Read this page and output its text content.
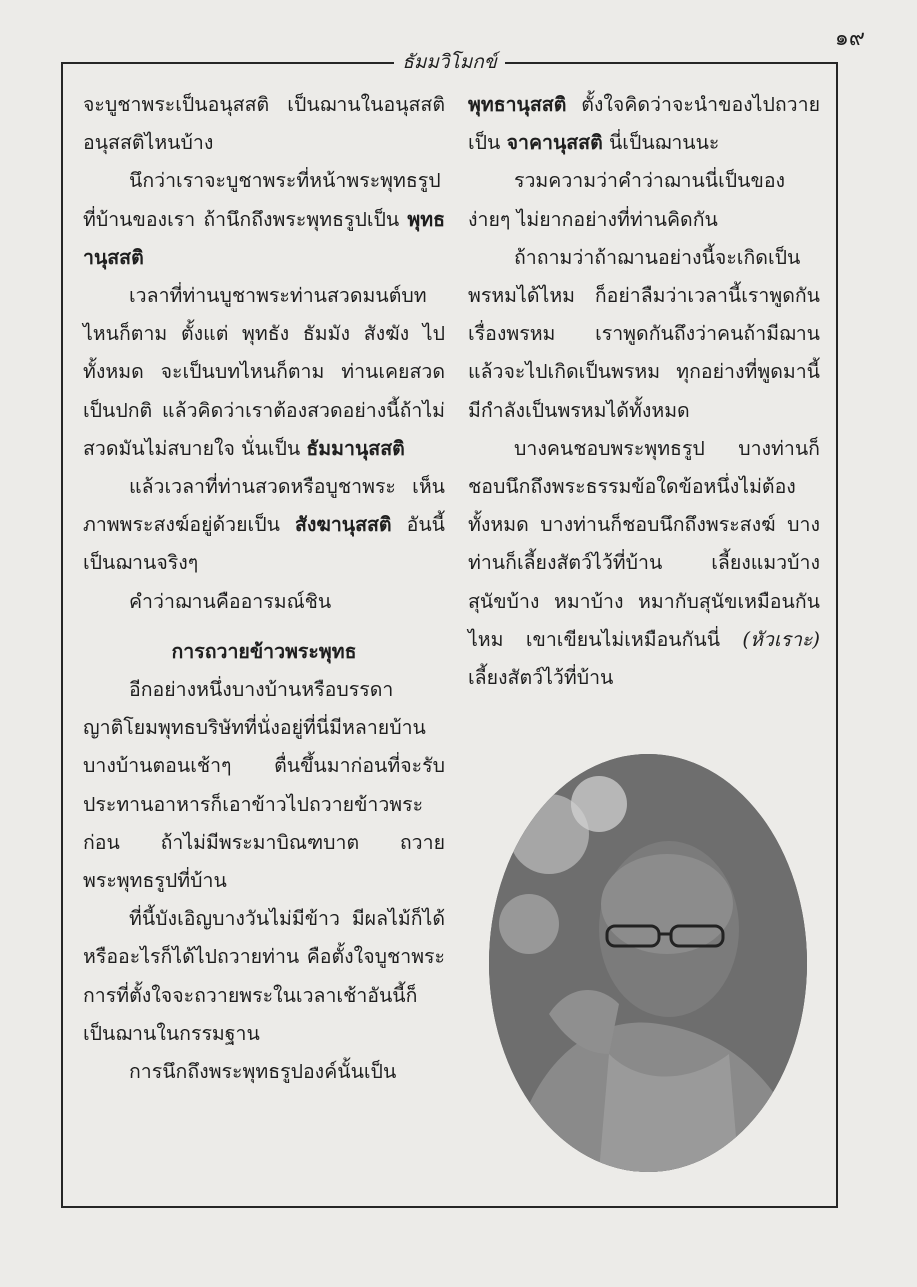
๑๙
ธัมมวิโมกข์

จะบูชาพระเป็นอนุสสติ เป็นฌานในอนุสสติ อนุสสติไหนบ้าง

นึกว่าเราจะบูชาพระที่หน้าพระพุทธรูปที่บ้านของเรา ถ้านึกถึงพระพุทธรูปเป็น พุทธานุสสติ

เวลาที่ท่านบูชาพระท่านสวดมนต์บทไหนก็ตาม ตั้งแต่ พุทธัง ธัมมัง สังฆัง ไปทั้งหมด จะเป็นบทไหนก็ตาม ท่านเคยสวดเป็นปกติ แล้วคิดว่าเราต้องสวดอย่างนี้ถ้าไม่สวดมันไม่สบายใจ นั่นเป็น ธัมมานุสสติ

แล้วเวลาที่ท่านสวดหรือบูชาพระ เห็นภาพพระสงฆ์อยู่ด้วยเป็น สังฆานุสสติ อันนี้เป็นฌานจริงๆ

คำว่าฌานคืออารมณ์ชิน

การถวายข้าวพระพุทธ

อีกอย่างหนึ่งบางบ้านหรือบรรดาญาติโยมพุทธบริษัทที่นั่งอยู่ที่นี่มีหลายบ้าน บางบ้านตอนเช้าๆ ตื่นขึ้นมาก่อนที่จะรับประทานอาหารก็เอาข้าวไปถวายข้าวพระก่อน ถ้าไม่มีพระมาบิณฑบาต ถวายพระพุทธรูปที่บ้าน

ที่นี้บังเอิญบางวันไม่มีข้าว มีผลไม้ก็ได้ หรืออะไรก็ได้ไปถวายท่าน คือตั้งใจบูชาพระ การที่ตั้งใจจะถวายพระในเวลาเช้าอันนี้ก็เป็นฌานในกรรมฐาน

การนึกถึงพระพุทธรูปองค์นั้นเป็น

พุทธานุสสติ ตั้งใจคิดว่าจะนำของไปถวายเป็น จาคานุสสติ นี่เป็นฌานนะ

รวมความว่าคำว่าฌานนี่เป็นของง่ายๆ ไม่ยากอย่างที่ท่านคิดกัน

ถ้าถามว่าถ้าฌานอย่างนี้จะเกิดเป็นพรหมได้ไหม ก็อย่าลืมว่าเวลานี้เราพูดกันเรื่องพรหม เราพูดกันถึงว่าคนถ้ามีฌานแล้วจะไปเกิดเป็นพรหม ทุกอย่างที่พูดมานี้มีกำลังเป็นพรหมได้ทั้งหมด

บางคนชอบพระพุทธรูป บางท่านก็ชอบนึกถึงพระธรรมข้อใดข้อหนึ่งไม่ต้องทั้งหมด บางท่านก็ชอบนึกถึงพระสงฆ์ บางท่านก็เลี้ยงสัตว์ไว้ที่บ้าน เลี้ยงแมวบ้าง สุนัขบ้าง หมาบ้าง หมากับสุนัขเหมือนกันไหม เขาเขียนไม่เหมือนกันนี่ (หัวเราะ) เลี้ยงสัตว์ไว้ที่บ้าน
